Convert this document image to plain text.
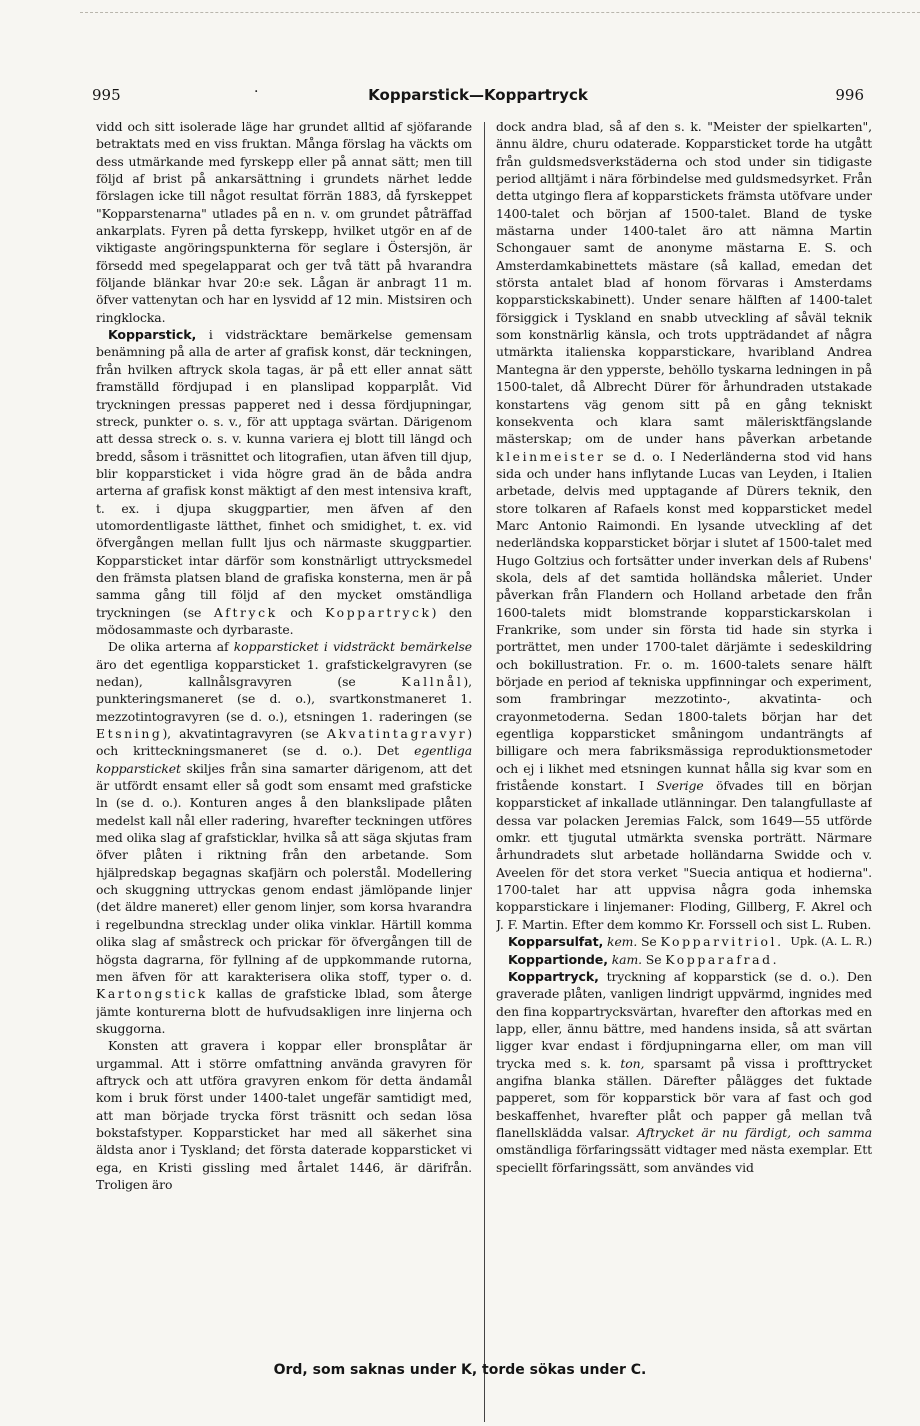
995	·	Kopparstick—Koppartryck	996

vidd och sitt isolerade läge har grundet alltid af sjöfarande betraktats med en viss fruktan. Många förslag ha väckts om dess utmärkande med fyrskepp eller på annat sätt; men till följd af brist på ankarsättning i grundets närhet ledde förslagen icke till något resultat förrän 1883, då fyrskeppet "Kopparstenarna" utlades på en n. v. om grundet påträffad ankarplats. Fyren på detta fyrskepp, hvilket utgör en af de viktigaste angöringspunkterna för seglare i Östersjön, är försedd med spegelapparat och ger två tätt på hvarandra följande blänkar hvar 20:e sek. Lågan är anbragt 11 m. öfver vattenytan och har en lysvidd af 12 min. Mistsiren och ringklocka.

Kopparstick, i vidsträcktare bemärkelse gemensam benämning på alla de arter af grafisk konst, där teckningen, från hvilken aftryck skola tagas, är på ett eller annat sätt framställd fördjupad i en planslipad kopparplåt. Vid tryckningen pressas papperet ned i dessa fördjupningar, streck, punkter o. s. v., för att upptaga svärtan. Därigenom att dessa streck o. s. v. kunna variera ej blott till längd och bredd, såsom i träsnittet och litografien, utan äfven till djup, blir kopparsticket i vida högre grad än de båda andra arterna af grafisk konst mäktigt af den mest intensiva kraft, t. ex. i djupa skuggpartier, men äfven af den utomordentligaste lätthet, finhet och smidighet, t. ex. vid öfvergången mellan fullt ljus och närmaste skuggpartier. Kopparsticket intar därför som konstnärligt uttrycksmedel den främsta platsen bland de grafiska konsterna, men är på samma gång till följd af den mycket omständliga tryckningen (se Aftryck och Koppartryck) den mödosammaste och dyrbaraste.

De olika arterna af kopparsticket i vidsträckt bemärkelse äro det egentliga kopparsticket 1. grafstickelgravyren (se nedan), kallnålsgravyren (se Kallnål), punkteringsmaneret (se d. o.), svartkonstmaneret 1. mezzotintogravyren (se d. o.), etsningen 1. raderingen (se Etsning), akvatintagravyren (se Akvatintagravyr) och kritteckningsmaneret (se d. o.). Det egentliga kopparsticket skiljes från sina samarter därigenom, att det är utfördt ensamt eller så godt som ensamt med grafsticke ln (se d. o.). Konturen anges å den blankslipade plåten medelst kall nål eller radering, hvarefter teckningen utföres med olika slag af grafsticklar, hvilka så att säga skjutas fram öfver plåten i riktning från den arbetande. Som hjälpredskap begagnas skafjärn och polerstål. Modellering och skuggning uttryckas genom endast jämlöpande linjer (det äldre maneret) eller genom linjer, som korsa hvarandra i regelbundna strecklag under olika vinklar. Härtill komma olika slag af småstreck och prickar för öfvergången till de högsta dagrarna, för fyllning af de uppkommande rutorna, men äfven för att karakterisera olika stoff, typer o. d. Kartongstick kallas de grafsticke lblad, som återge jämte konturerna blott de hufvudsakligen inre linjerna och skuggorna.

Konsten att gravera i koppar eller bronsplåtar är urgammal. Att i större omfattning använda gravyren för aftryck och att utföra gravyren enkom för detta ändamål kom i bruk först under 1400-talet ungefär samtidigt med, att man började trycka först träsnitt och sedan lösa bokstafstyper. Kopparsticket har med all säkerhet sina äldsta anor i Tyskland; det första daterade kopparsticket vi ega, en Kristi gissling med årtalet 1446, är därifrån. Troligen äro

dock andra blad, så af den s. k. "Meister der spielkarten", ännu äldre, churu odaterade. Kopparsticket torde ha utgått från guldsmedsverkstäderna och stod under sin tidigaste period alltjämt i nära förbindelse med guldsmedsyrket. Från detta utgingo flera af kopparstickets främsta utöfvare under 1400-talet och början af 1500-talet. Bland de tyske mästarna under 1400-talet äro att nämna Martin Schongauer samt de anonyme mästarna E. S. och Amsterdamkabinettets mästare (så kallad, emedan det största antalet blad af honom förvaras i Amsterdams kopparstickskabinett). Under senare hälften af 1400-talet försiggick i Tyskland en snabb utveckling af såväl teknik som konstnärlig känsla, och trots uppträdandet af några utmärkta italienska kopparstickare, hvaribland Andrea Mantegna är den ypperste, behöllo tyskarna ledningen in på 1500-talet, då Albrecht Dürer för århundraden utstakade konstartens väg genom sitt på en gång tekniskt konsekventa och klara samt mälerisktfängslande mästerskap; om de under hans påverkan arbetande kleinmeister se d. o. I Nederländerna stod vid hans sida och under hans inflytande Lucas van Leyden, i Italien arbetade, delvis med upptagande af Dürers teknik, den store tolkaren af Rafaels konst med kopparsticket medel Marc Antonio Raimondi. En lysande utveckling af det nederländska kopparsticket börjar i slutet af 1500-talet med Hugo Goltzius och fortsätter under inverkan dels af Rubens' skola, dels af det samtida holländska måleriet. Under påverkan från Flandern och Holland arbetade den från 1600-talets midt blomstrande kopparstickarskolan i Frankrike, som under sin första tid hade sin styrka i porträttet, men under 1700-talet därjämte i sedeskildring och bokillustration. Fr. o. m. 1600-talets senare hälft började en period af tekniska uppfinningar och experiment, som frambringar mezzotinto-, akvatinta- och crayonmetoderna. Sedan 1800-talets början har det egentliga kopparsticket småningom undanträngts af billigare och mera fabriksmässiga reproduktionsmetoder och ej i likhet med etsningen kunnat hålla sig kvar som en fristående konstart. I Sverige öfvades till en början kopparsticket af inkallade utlänningar. Den talangfullaste af dessa var polacken Jeremias Falck, som 1649—55 utförde omkr. ett tjugutal utmärkta svenska porträtt. Närmare århundradets slut arbetade holländarna Swidde och v. Aveelen för det stora verket "Suecia antiqua et hodierna". 1700-talet har att uppvisa några goda inhemska kopparstickare i linjemaner: Floding, Gillberg, F. Akrel och J. F. Martin. Efter dem kommo Kr. Forssell och sist L. Ruben.
Upk. (A. L. R.)

Kopparsulfat, kem. Se Kopparvitriol.

Koppartionde, kam. Se Kopparafrad.

Koppartryck, tryckning af kopparstick (se d. o.). Den graverade plåten, vanligen lindrigt uppvärmd, ingnides med den fina koppartrycksvärtan, hvarefter den aftorkas med en lapp, eller, ännu bättre, med handens insida, så att svärtan ligger kvar endast i fördjupningarna eller, om man vill trycka med s. k. ton, sparsamt på vissa i profttrycket angifna blanka ställen. Därefter pålägges det fuktade papperet, som för kopparstick bör vara af fast och god beskaffenhet, hvarefter plåt och papper gå mellan två flanellsklädda valsar. Aftrycket är nu färdigt, och samma omständliga förfaringssätt vidtager med nästa exemplar. Ett speciellt förfaringssätt, som användes vid

Ord, som saknas under K, torde sökas under C.
